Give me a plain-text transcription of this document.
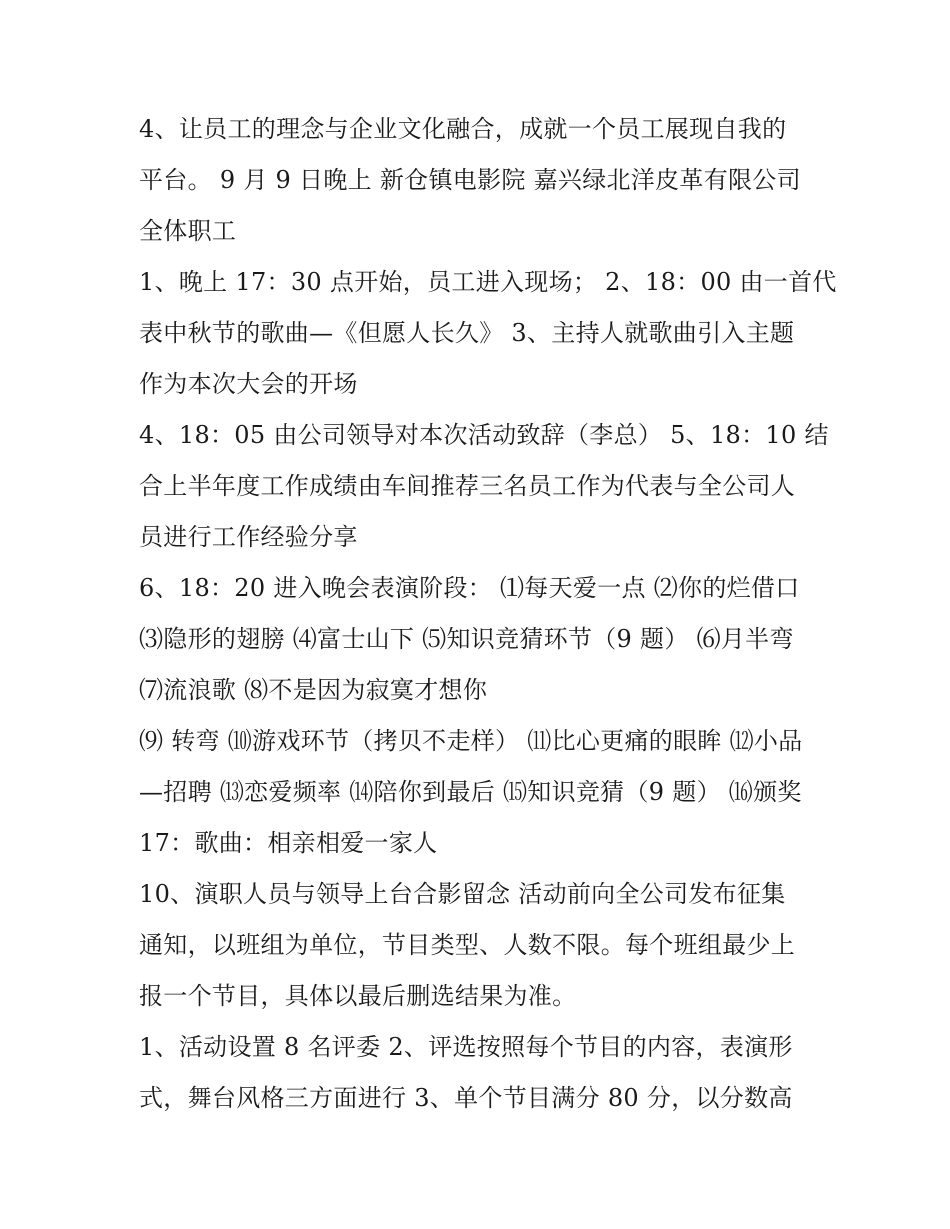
4、让员工的理念与企业文化融合，成就一个员工展现自我的
平台。 9 月 9 日晚上 新仓镇电影院 嘉兴绿北洋皮革有限公司
全体职工
1、晚上 17：30 点开始，员工进入现场； 2、18：00 由一首代
表中秋节的歌曲—《但愿人长久》 3、主持人就歌曲引入主题
作为本次大会的开场
4、18：05 由公司领导对本次活动致辞（李总） 5、18：10 结
合上半年度工作成绩由车间推荐三名员工作为代表与全公司人
员进行工作经验分享
6、18：20 进入晚会表演阶段： ⑴每天爱一点 ⑵你的烂借口
⑶隐形的翅膀 ⑷富士山下 ⑸知识竞猜环节（9 题） ⑹月半弯
⑺流浪歌 ⑻不是因为寂寞才想你
⑼ 转弯 ⑽游戏环节（拷贝不走样） ⑾比心更痛的眼眸 ⑿小品
—招聘 ⒀恋爱频率 ⒁陪你到最后 ⒂知识竞猜（9 题） ⒃颁奖
17：歌曲：相亲相爱一家人
10、演职人员与领导上台合影留念 活动前向全公司发布征集
通知，以班组为单位，节目类型、人数不限。每个班组最少上
报一个节目，具体以最后删选结果为准。
1、活动设置 8 名评委 2、评选按照每个节目的内容，表演形
式，舞台风格三方面进行 3、单个节目满分 80 分，以分数高
